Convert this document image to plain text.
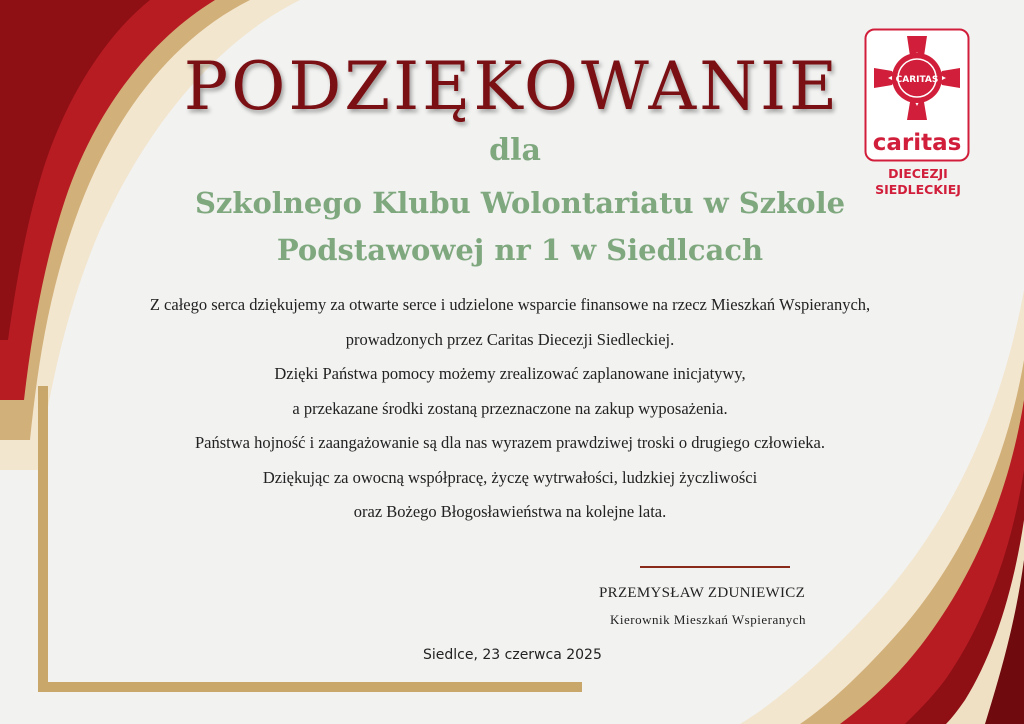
PODZIĘKOWANIE
dla
Szkolnego Klubu Wolontariatu w Szkole
Podstawowej nr 1 w Siedlcach
Z całego serca dziękujemy za otwarte serce i udzielone wsparcie finansowe na rzecz Mieszkań Wspieranych,
prowadzonych przez Caritas Diecezji Siedleckiej.
Dzięki Państwa pomocy możemy zrealizować zaplanowane inicjatywy,
a przekazane środki zostaną przeznaczone na zakup wyposażenia.
Państwa hojność i zaangażowanie są dla nas wyrazem prawdziwej troski o drugiego człowieka.
Dziękując za owocną współpracę, życzę wytrwałości, ludzkiej życzliwości
oraz Bożego Błogosławieństwa na kolejne lata.
PRZEMYSŁAW ZDUNIEWICZ
Kierownik Mieszkań Wspieranych
Siedlce, 23 czerwca 2025
CARITAS
caritas
DIECEZJI
SIEDLECKIEJ
